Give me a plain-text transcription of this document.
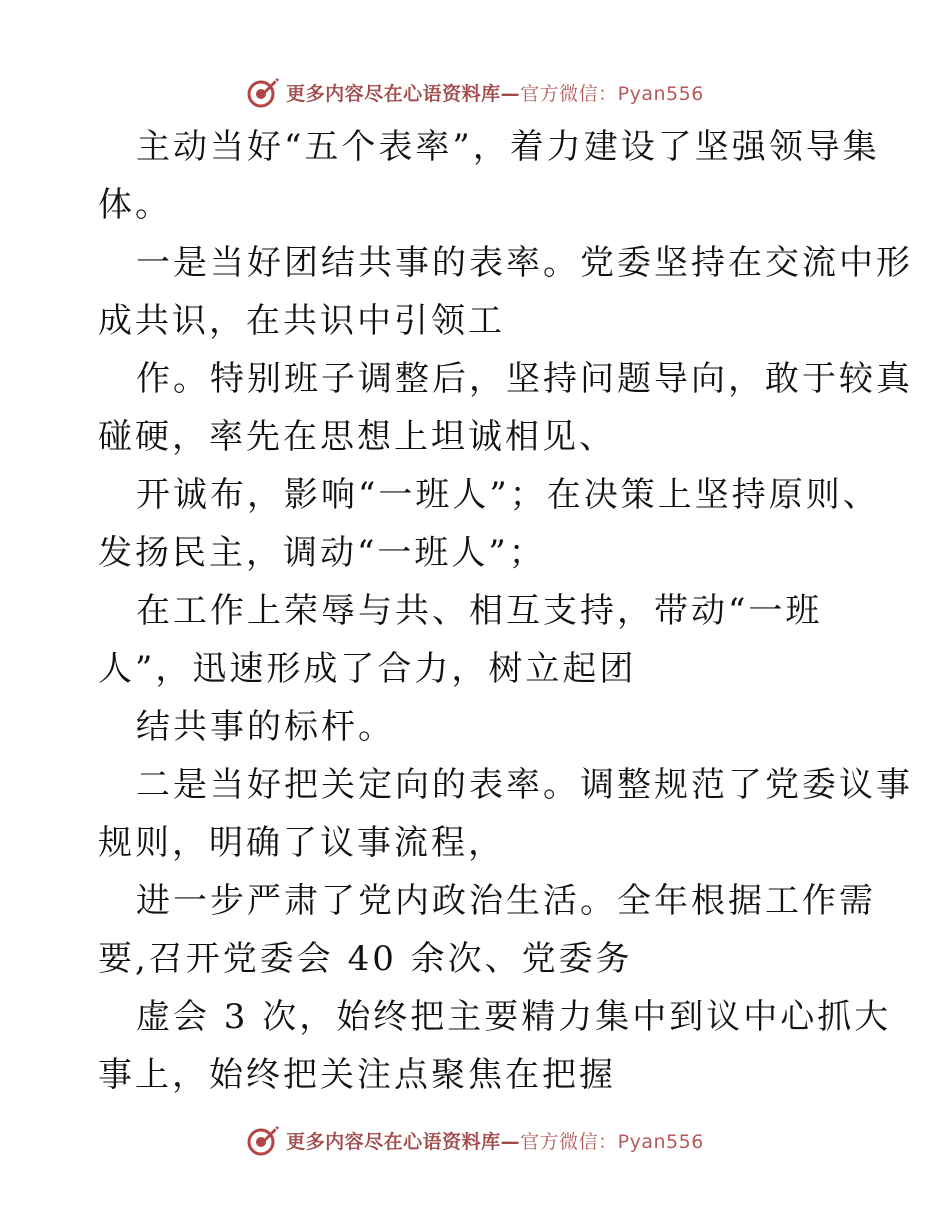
更多内容尽在心语资料库—官方微信：Pyan556
主动当好“五个表率”，着力建设了坚强领导集
体。
一是当好团结共事的表率。党委坚持在交流中形
成共识，在共识中引领工
作。特别班子调整后，坚持问题导向，敢于较真
碰硬，率先在思想上坦诚相见、
开诚布，影响“一班人”；在决策上坚持原则、
发扬民主，调动“一班人”；
在工作上荣辱与共、相互支持，带动“一班
人”，迅速形成了合力，树立起团
结共事的标杆。
二是当好把关定向的表率。调整规范了党委议事
规则，明确了议事流程，
进一步严肃了党内政治生活。全年根据工作需
要,召开党委会 40 余次、党委务
虚会 3 次，始终把主要精力集中到议中心抓大
事上，始终把关注点聚焦在把握
更多内容尽在心语资料库—官方微信：Pyan556
